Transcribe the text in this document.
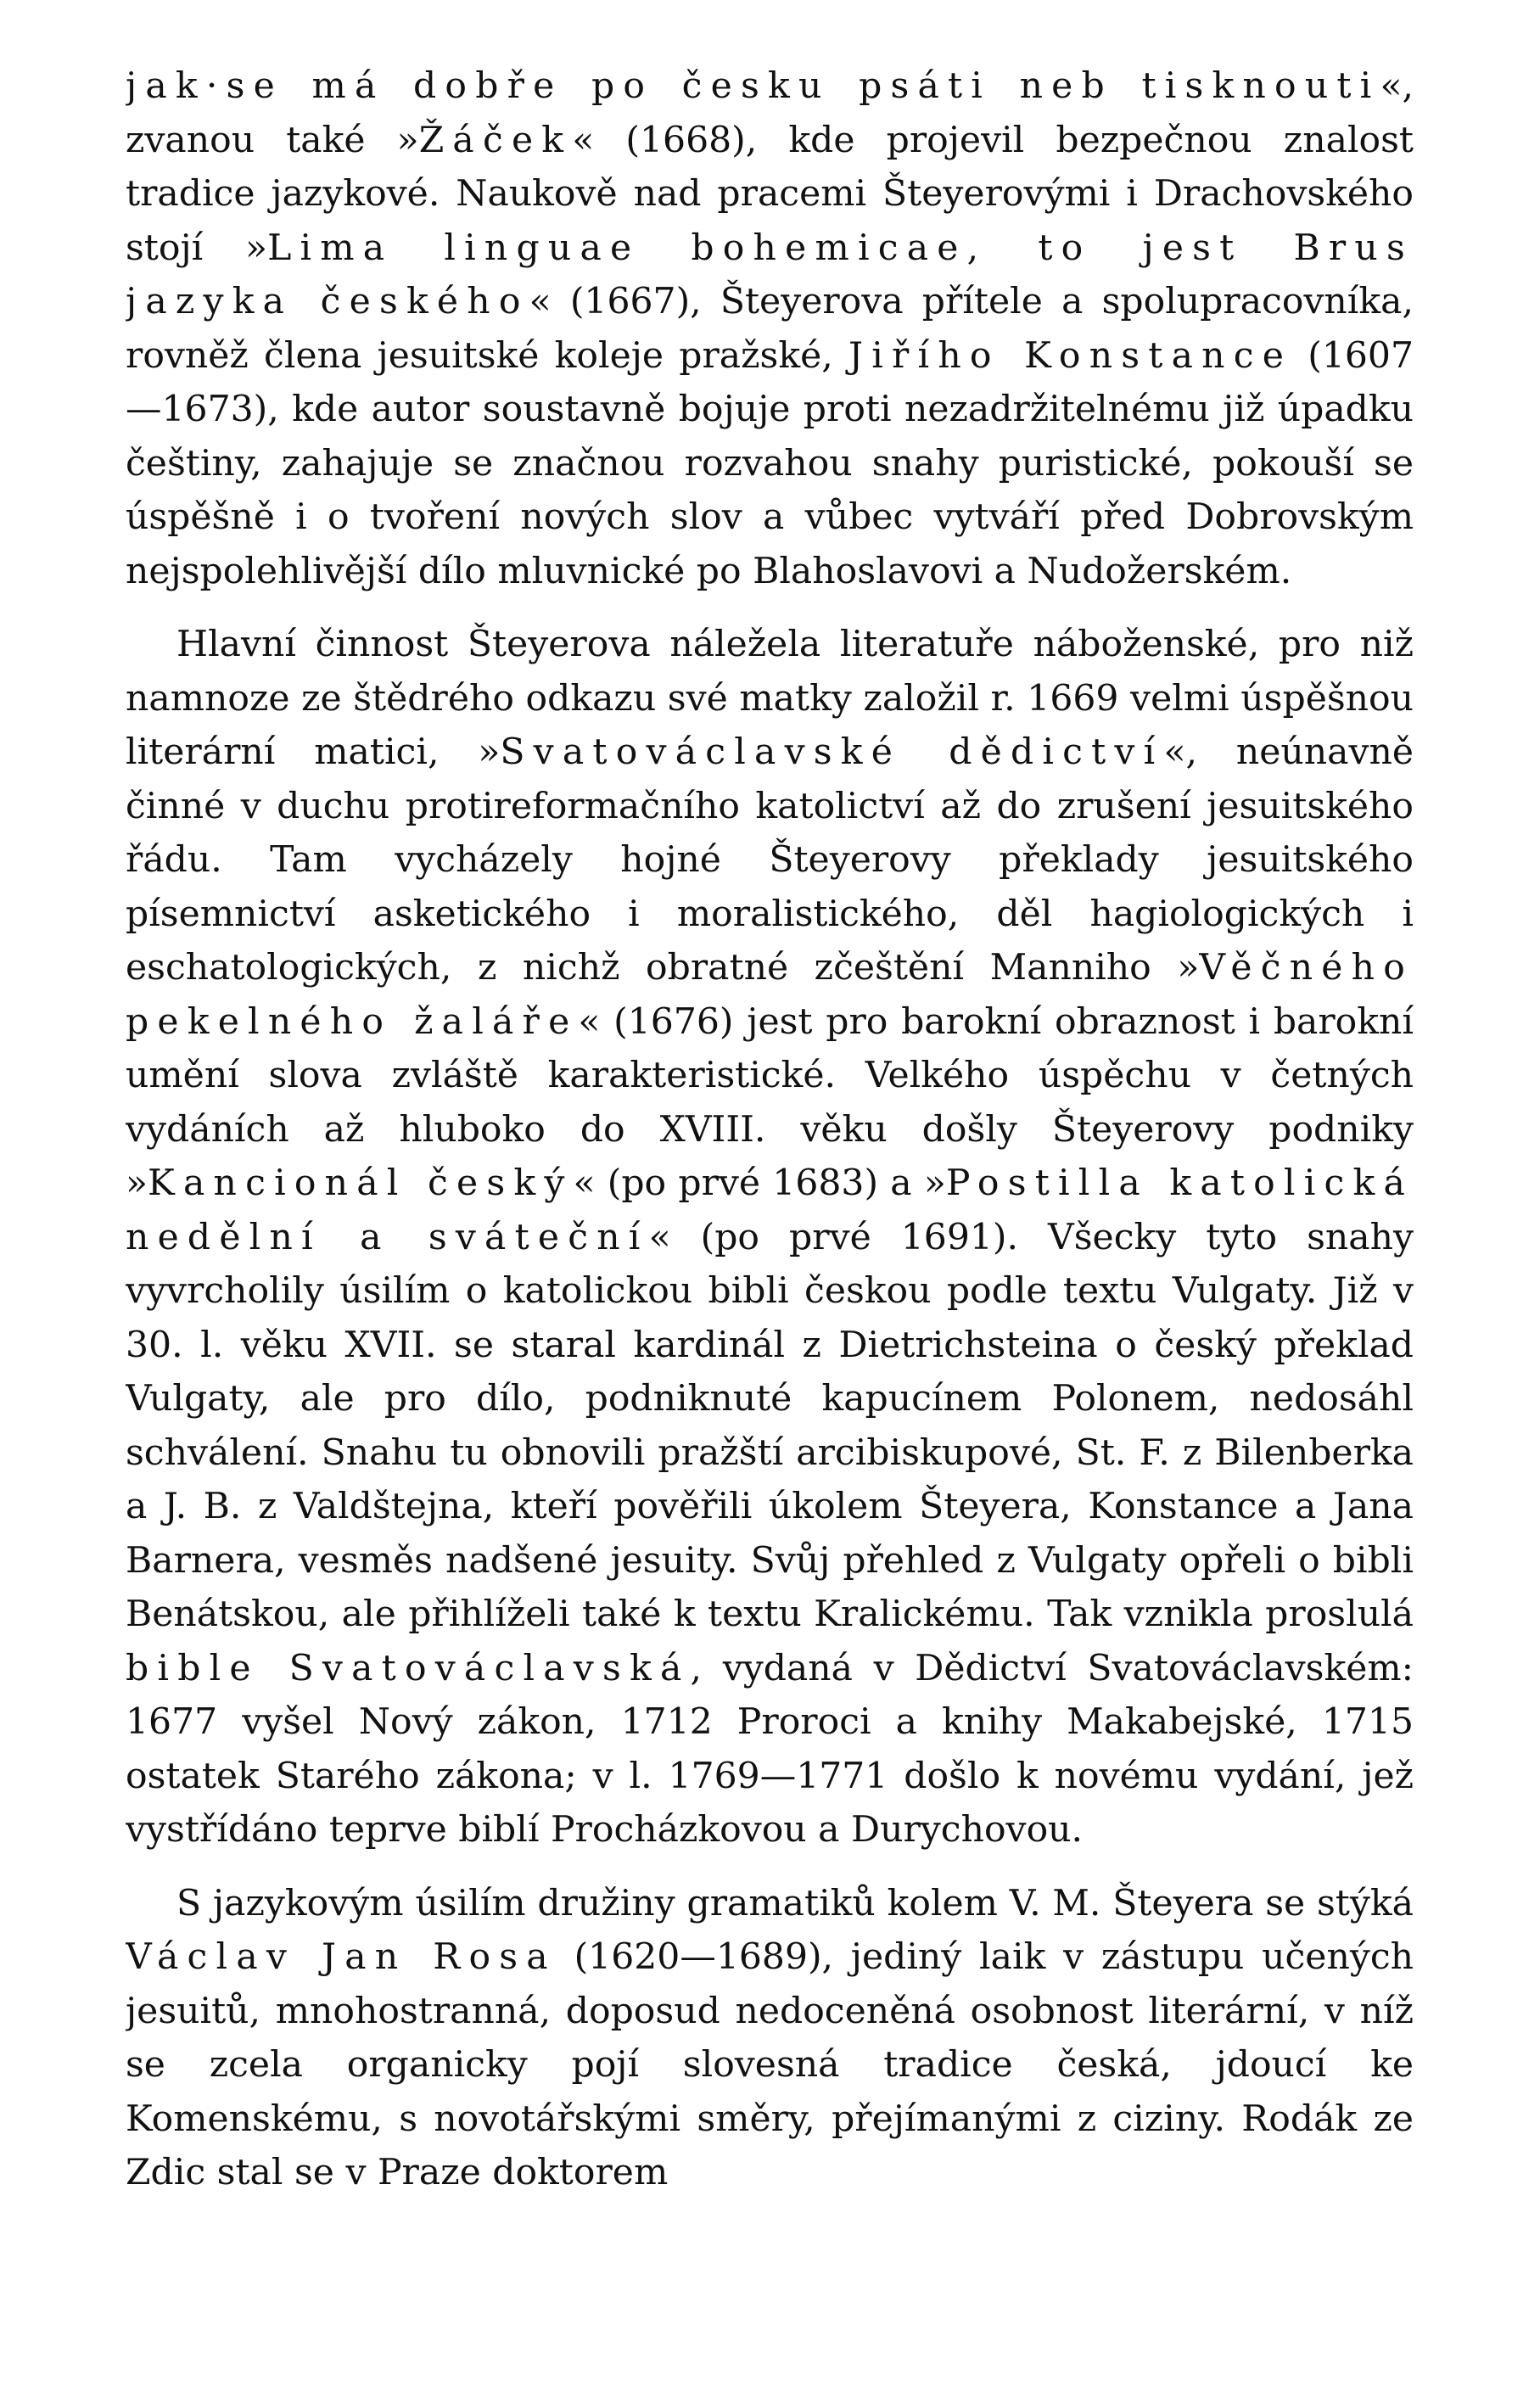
jak·se má dobře po česku psáti neb tisknouti«, zvanou také »Žáček« (1668), kde projevil bezpečnou znalost tradice jazykové. Naukově nad pracemi Šteyerovými i Drachovského stojí »Lima linguae bohemicae, to jest Brus jazyka českého« (1667), Šteyerova přítele a spolupracovníka, rovněž člena jesuitské koleje pražské, Jiřího Konstance (1607—1673), kde autor soustavně bojuje proti nezadržitelnému již úpadku češtiny, zahajuje se značnou rozvahou snahy puristické, pokouší se úspěšně i o tvoření nových slov a vůbec vytváří před Dobrovským nejspolehlivější dílo mluvnické po Blahoslavovi a Nudožerském.

Hlavní činnost Šteyerova náležela literatuře náboženské, pro niž namnoze ze štědrého odkazu své matky založil r. 1669 velmi úspěšnou literární matici, »Svatováclavské dědictví«, neúnavně činné v duchu protireformačního katolictví až do zrušení jesuitského řádu. Tam vycházely hojné Šteyerovy překlady jesuitského písemnictví asketického i moralistického, děl hagiologických i eschatologických, z nichž obratné zčeštění Manniho »Věčného pekelného žaláře« (1676) jest pro barokní obraznost i barokní umění slova zvláště karakteristické. Velkého úspěchu v četných vydáních až hluboko do XVIII. věku došly Šteyerovy podniky »Kancionál český« (po prvé 1683) a »Postilla katolická nedělní a sváteční« (po prvé 1691). Všecky tyto snahy vyvrcholily úsilím o katolickou bibli českou podle textu Vulgaty. Již v 30. l. věku XVII. se staral kardinál z Dietrichsteina o český překlad Vulgaty, ale pro dílo, podniknuté kapucínem Polonem, nedosáhl schválení. Snahu tu obnovili pražští arcibiskupové, St. F. z Bilenberka a J. B. z Valdštejna, kteří pověřili úkolem Šteyera, Konstance a Jana Barnera, vesměs nadšené jesuity. Svůj přehled z Vulgaty opřeli o bibli Benátskou, ale přihlíželi také k textu Kralickému. Tak vznikla proslulá bible Svatováclavská, vydaná v Dědictví Svatováclavském: 1677 vyšel Nový zákon, 1712 Proroci a knihy Makabejské, 1715 ostatek Starého zákona; v l. 1769—1771 došlo k novému vydání, jež vystřídáno teprve biblí Procházkovou a Durychovou.

S jazykovým úsilím družiny gramatiků kolem V. M. Šteyera se stýká Václav Jan Rosa (1620—1689), jediný laik v zástupu učených jesuitů, mnohostranná, doposud nedoceněná osobnost literární, v níž se zcela organicky pojí slovesná tradice česká, jdoucí ke Komenskému, s novotářskými směry, přejímanými z ciziny. Rodák ze Zdic stal se v Praze doktorem
